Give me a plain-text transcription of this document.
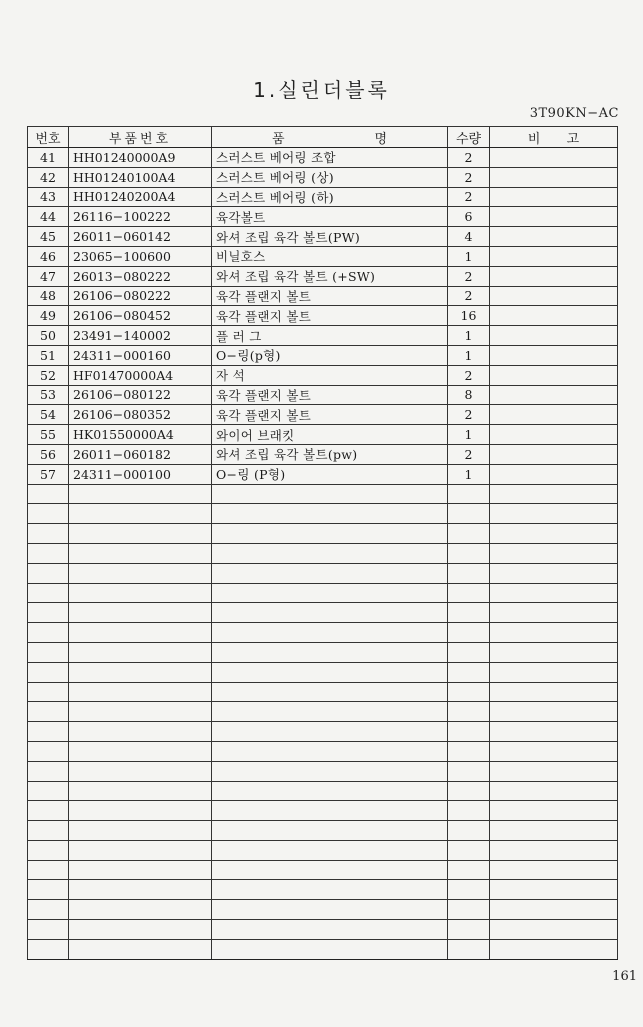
1.실린더블록
3T90KN−AC
번호	부품번호	품 명	수량	비 고
41	HH01240000A9	스러스트 베어링 조합	2	
42	HH01240100A4	스러스트 베어링 (상)	2	
43	HH01240200A4	스러스트 베어링 (하)	2	
44	26116−100222	육각볼트	6	
45	26011−060142	와셔 조립 육각 볼트(PW)	4	
46	23065−100600	비닐호스	1	
47	26013−080222	와셔 조립 육각 볼트 (+SW)	2	
48	26106−080222	육각 플랜지 볼트	2	
49	26106−080452	육각 플랜지 볼트	16	
50	23491−140002	플 러 그	1	
51	24311−000160	O−링(p형)	1	
52	HF01470000A4	자 석	2	
53	26106−080122	육각 플랜지 볼트	8	
54	26106−080352	육각 플랜지 볼트	2	
55	HK01550000A4	와이어 브래킷	1	
56	26011−060182	와셔 조립 육각 볼트(pw)	2	
57	24311−000100	O−링 (P형)	1	

161
